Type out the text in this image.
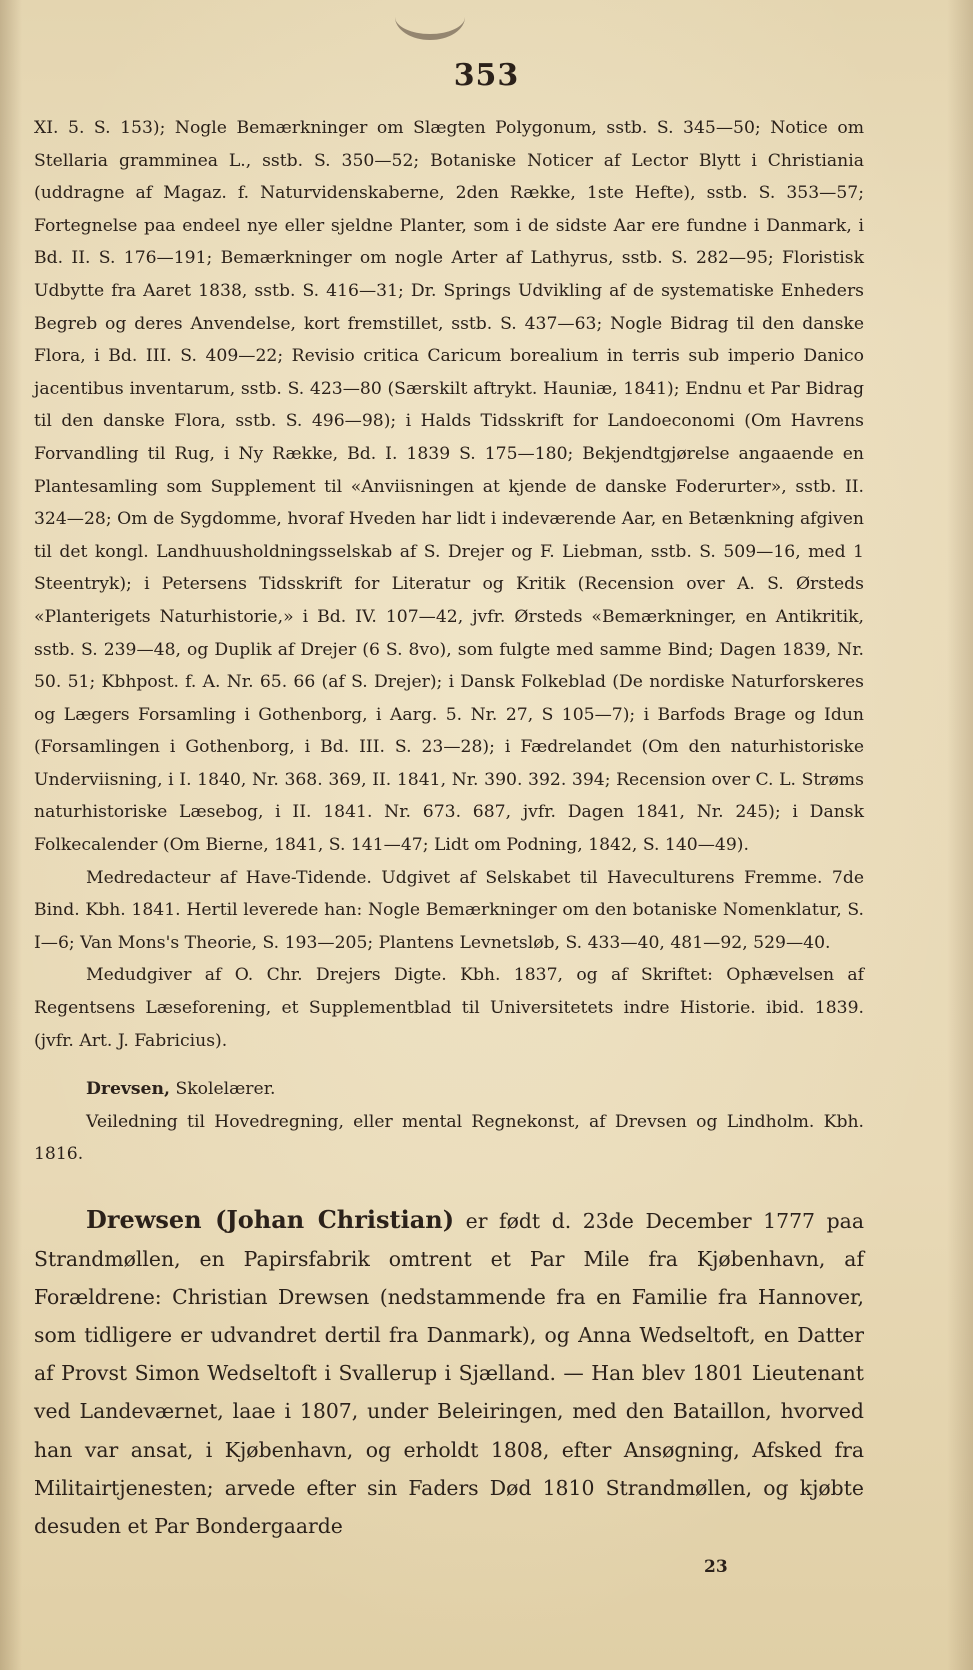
353

XI. 5. S. 153); Nogle Bemærkninger om Slægten Polygonum, sstb. S. 345—50; Notice om Stellaria gramminea L., sstb. S. 350—52; Botaniske Noticer af Lector Blytt i Christiania (uddragne af Magaz. f. Naturvidenskaberne, 2den Række, 1ste Hefte), sstb. S. 353—57; Fortegnelse paa endeel nye eller sjeldne Planter, som i de sidste Aar ere fundne i Danmark, i Bd. II. S. 176—191; Bemærkninger om nogle Arter af Lathyrus, sstb. S. 282—95; Floristisk Udbytte fra Aaret 1838, sstb. S. 416—31; Dr. Springs Udvikling af de systematiske Enheders Begreb og deres Anvendelse, kort fremstillet, sstb. S. 437—63; Nogle Bidrag til den danske Flora, i Bd. III. S. 409—22; Revisio critica Caricum borealium in terris sub imperio Danico jacentibus inventarum, sstb. S. 423—80 (Særskilt aftrykt. Hauniæ, 1841); Endnu et Par Bidrag til den danske Flora, sstb. S. 496—98); i Halds Tidsskrift for Landoeconomi (Om Havrens Forvandling til Rug, i Ny Række, Bd. I. 1839 S. 175—180; Bekjendtgjørelse angaaende en Plantesamling som Supplement til «Anviisningen at kjende de danske Foderurter», sstb. II. 324—28; Om de Sygdomme, hvoraf Hveden har lidt i indeværende Aar, en Betænkning afgiven til det kongl. Landhuusholdningsselskab af S. Drejer og F. Liebman, sstb. S. 509—16, med 1 Steentryk); i Petersens Tidsskrift for Literatur og Kritik (Recension over A. S. Ørsteds «Planterigets Naturhistorie,» i Bd. IV. 107—42, jvfr. Ørsteds «Bemærkninger, en Antikritik, sstb. S. 239—48, og Duplik af Drejer (6 S. 8vo), som fulgte med samme Bind; Dagen 1839, Nr. 50. 51; Kbhpost. f. A. Nr. 65. 66 (af S. Drejer); i Dansk Folkeblad (De nordiske Naturforskeres og Lægers Forsamling i Gothenborg, i Aarg. 5. Nr. 27, S 105—7); i Barfods Brage og Idun (Forsamlingen i Gothenborg, i Bd. III. S. 23—28); i Fædrelandet (Om den naturhistoriske Underviisning, i I. 1840, Nr. 368. 369, II. 1841, Nr. 390. 392. 394; Recension over C. L. Strøms naturhistoriske Læsebog, i II. 1841. Nr. 673. 687, jvfr. Dagen 1841, Nr. 245); i Dansk Folkecalender (Om Bierne, 1841, S. 141—47; Lidt om Podning, 1842, S. 140—49).

Medredacteur af Have-Tidende. Udgivet af Selskabet til Haveculturens Fremme. 7de Bind. Kbh. 1841. Hertil leverede han: Nogle Bemærkninger om den botaniske Nomenklatur, S. I—6; Van Mons's Theorie, S. 193—205; Plantens Levnetsløb, S. 433—40, 481—92, 529—40.

Medudgiver af O. Chr. Drejers Digte. Kbh. 1837, og af Skriftet: Ophævelsen af Regentsens Læseforening, et Supplementblad til Universitetets indre Historie. ibid. 1839. (jvfr. Art. J. Fabricius).

Drevsen, Skolelærer.

Veiledning til Hovedregning, eller mental Regnekonst, af Drevsen og Lindholm. Kbh. 1816.

Drewsen (Johan Christian) er født d. 23de December 1777 paa Strandmøllen, en Papirsfabrik omtrent et Par Mile fra Kjøbenhavn, af Forældrene: Christian Drewsen (nedstammende fra en Familie fra Hannover, som tidligere er udvandret dertil fra Danmark), og Anna Wedseltoft, en Datter af Provst Simon Wedseltoft i Svallerup i Sjælland. — Han blev 1801 Lieutenant ved Landeværnet, laae i 1807, under Beleiringen, med den Bataillon, hvorved han var ansat, i Kjøbenhavn, og erholdt 1808, efter Ansøgning, Afsked fra Militairtjenesten; arvede efter sin Faders Død 1810 Strandmøllen, og kjøbte desuden et Par Bondergaarde

23
